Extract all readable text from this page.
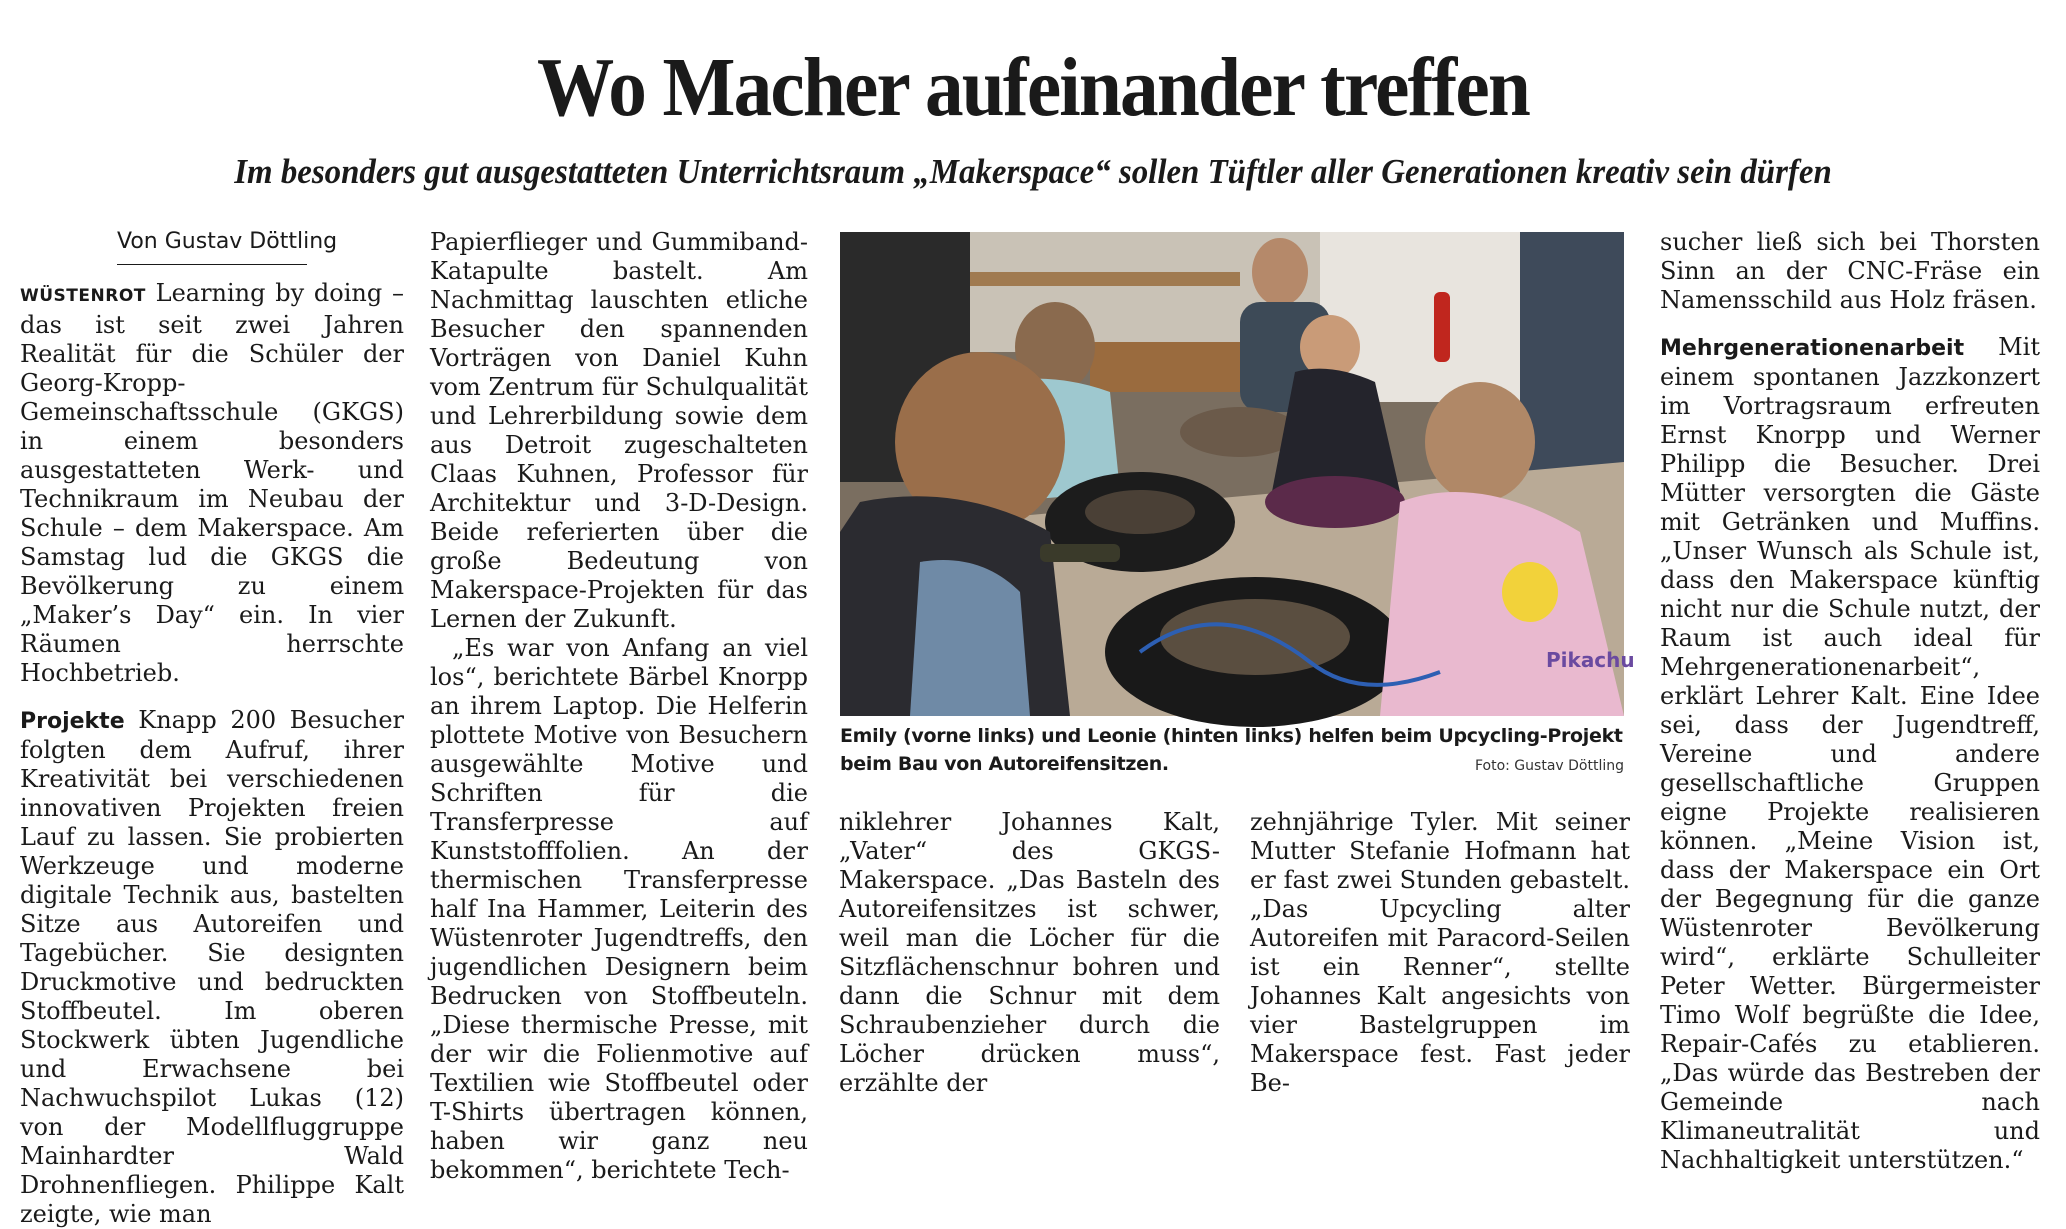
Wo Macher aufeinander treffen
Im besonders gut ausgestatteten Unterrichtsraum „Makerspace“ sollen Tüftler aller Generationen kreativ sein dürfen
Von Gustav Döttling

WÜSTENROT Learning by doing – das ist seit zwei Jahren Realität für die Schüler der Georg-Kropp-Gemeinschaftsschule (GKGS) in einem besonders ausgestatteten Werk- und Technikraum im Neubau der Schule – dem Makerspace. Am Samstag lud die GKGS die Bevölkerung zu einem „Maker’s Day“ ein. In vier Räumen herrschte Hochbetrieb.

Projekte Knapp 200 Besucher folgten dem Aufruf, ihrer Kreativität bei verschiedenen innovativen Projekten freien Lauf zu lassen. Sie probierten Werkzeuge und moderne digitale Technik aus, bastelten Sitze aus Autoreifen und Tagebücher. Sie designten Druckmotive und bedruckten Stoffbeutel. Im oberen Stockwerk übten Jugendliche und Erwachsene bei Nachwuchspilot Lukas (12) von der Modellfluggruppe Mainhardter Wald Drohnenfliegen. Philippe Kalt zeigte, wie man

Papierflieger und Gummiband-Katapulte bastelt. Am Nachmittag lauschten etliche Besucher den spannenden Vorträgen von Daniel Kuhn vom Zentrum für Schulqualität und Lehrerbildung sowie dem aus Detroit zugeschalteten Claas Kuhnen, Professor für Architektur und 3-D-Design. Beide referierten über die große Bedeutung von Makerspace-Projekten für das Lernen der Zukunft.

„Es war von Anfang an viel los“, berichtete Bärbel Knorpp an ihrem Laptop. Die Helferin plottete Motive von Besuchern ausgewählte Motive und Schriften für die Transferpresse auf Kunststofffolien. An der thermischen Transferpresse half Ina Hammer, Leiterin des Wüstenroter Jugendtreffs, den jugendlichen Designern beim Bedrucken von Stoffbeuteln. „Diese thermische Presse, mit der wir die Folienmotive auf Textilien wie Stoffbeutel oder T-Shirts übertragen können, haben wir ganz neu bekommen“, berichtete Tech-

Pikachu
Emily (vorne links) und Leonie (hinten links) helfen beim Upcycling-Projekt beim Bau von Autoreifensitzen.	Foto: Gustav Döttling

niklehrer Johannes Kalt, „Vater“ des GKGS-Makerspace. „Das Basteln des Autoreifensitzes ist schwer, weil man die Löcher für die Sitzflächenschnur bohren und dann die Schnur mit dem Schraubenzieher durch die Löcher drücken muss“, erzählte der

zehnjährige Tyler. Mit seiner Mutter Stefanie Hofmann hat er fast zwei Stunden gebastelt. „Das Upcycling alter Autoreifen mit Paracord-Seilen ist ein Renner“, stellte Johannes Kalt angesichts von vier Bastelgruppen im Makerspace fest. Fast jeder Be-

sucher ließ sich bei Thorsten Sinn an der CNC-Fräse ein Namensschild aus Holz fräsen.

Mehrgenerationenarbeit Mit einem spontanen Jazzkonzert im Vortragsraum erfreuten Ernst Knorpp und Werner Philipp die Besucher. Drei Mütter versorgten die Gäste mit Getränken und Muffins. „Unser Wunsch als Schule ist, dass den Makerspace künftig nicht nur die Schule nutzt, der Raum ist auch ideal für Mehrgenerationenarbeit“, erklärt Lehrer Kalt. Eine Idee sei, dass der Jugendtreff, Vereine und andere gesellschaftliche Gruppen eigne Projekte realisieren können. „Meine Vision ist, dass der Makerspace ein Ort der Begegnung für die ganze Wüstenroter Bevölkerung wird“, erklärte Schulleiter Peter Wetter. Bürgermeister Timo Wolf begrüßte die Idee, Repair-Cafés zu etablieren. „Das würde das Bestreben der Gemeinde nach Klimaneutralität und Nachhaltigkeit unterstützen.“
